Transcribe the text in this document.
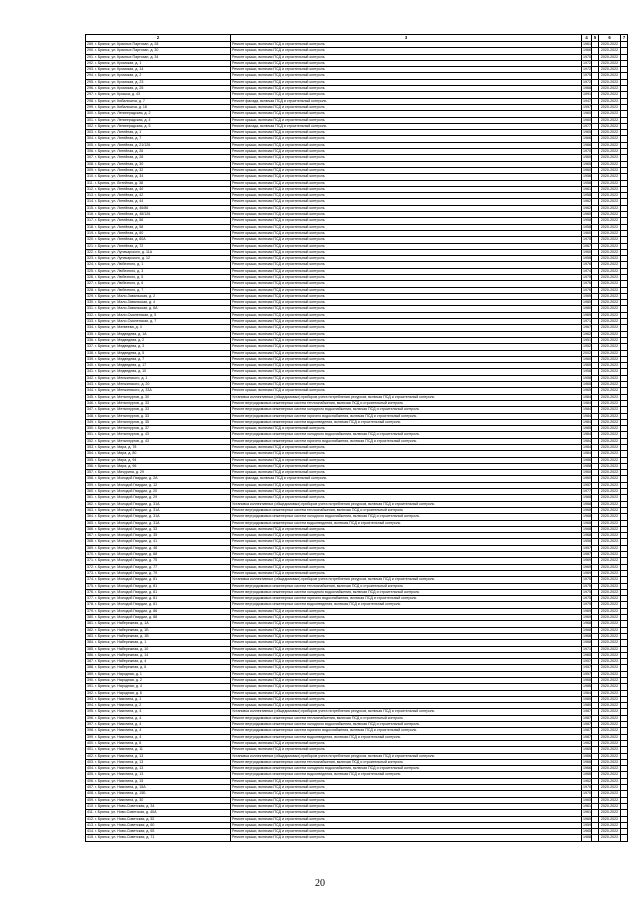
2	3	4	5	6	7
289. г. Брянск, ул. Красных Партизан, д. 28	Ремонт крыши, включая ПСД и строительный контроль	1961		2020-2022	
290. г. Брянск, ул. Красных Партизан, д. 30	Ремонт крыши, включая ПСД и строительный контроль	1966		2020-2022	
291. г. Брянск, ул. Красных Партизан, д. 34	Ремонт крыши, включая ПСД и строительный контроль	1970		2020-2022	
292. г. Брянск, ул. Кромская, д. 1	Ремонт крыши, включая ПСД и строительный контроль	1972		2020-2022	
293. г. Брянск, ул. Кромская, д. 14	Ремонт крыши, включая ПСД и строительный контроль	1972		2020-2022	
294. г. Брянск, ул. Кромская, д. 2	Ремонт крыши, включая ПСД и строительный контроль	1975		2020-2022	
295. г. Брянск, ул. Кромская, д. 23	Ремонт крыши, включая ПСД и строительный контроль	1972		2020-2022	
296. г. Брянск, ул. Кромская, д. 25	Ремонт крыши, включая ПСД и строительный контроль	1968		2020-2022	
297. г. Брянск, ул. Крошка, д. 43	Ремонт крыши, включая ПСД и строительный контроль	1991		2020-2022	
298. г. Брянск, ул. Кибальчича, д. 7	Ремонт фасада, включая ПСД и строительный контроль	1947		2020-2022	
299. г. Брянск, ул. Кибальчича, д. 18	Ремонт крыши, включая ПСД и строительный контроль	1957		2020-2022	
300. г. Брянск, ул. Ленинградская, д. 2	Ремонт крыши, включая ПСД и строительный контроль	1960		2020-2022	
301. г. Брянск, ул. Ленинградская, д. 4	Ремонт крыши, включая ПСД и строительный контроль	1960		2020-2022	
302. г. Брянск, ул. Ленинградская, д. 5	Ремонт фасада, включая ПСД и строительный контроль	1977		2020-2022	
303. г. Брянск, ул. Литейная, д. 1	Ремонт крыши, включая ПСД и строительный контроль	1965		2020-2022	
304. г. Брянск, ул. Литейная, д. 7	Ремонт крыши, включая ПСД и строительный контроль	1966		2020-2022	
305. г. Брянск, ул. Литейная, д. 21/126	Ремонт крыши, включая ПСД и строительный контроль	1966		2020-2022	
306. г. Брянск, ул. Литейная, д. 26	Ремонт крыши, включая ПСД и строительный контроль	1970		2020-2022	
307. г. Брянск, ул. Литейная, д. 28	Ремонт крыши, включая ПСД и строительный контроль	1960		2020-2022	
308. г. Брянск, ул. Литейная, д. 30	Ремонт крыши, включая ПСД и строительный контроль	1965		2020-2022	
309. г. Брянск, ул. Литейная, д. 32	Ремонт крыши, включая ПСД и строительный контроль	1960		2020-2022	
310. г. Брянск, ул. Литейная, д. 34	Ремонт крыши, включая ПСД и строительный контроль	1956		2020-2022	
311. г. Брянск, ул. Литейная, д. 38	Ремонт крыши, включая ПСД и строительный контроль	1958		2020-2022	
312. г. Брянск, ул. Литейная, д. 40	Ремонт крыши, включая ПСД и строительный контроль	1961		2020-2022	
313. г. Брянск, ул. Литейная, д. 42	Ремонт крыши, включая ПСД и строительный контроль	1958		2020-2022	
314. г. Брянск, ул. Литейная, д. 44	Ремонт крыши, включая ПСД и строительный контроль	1962		2020-2022	
315. г. Брянск, ул. Литейная, д. 46/86	Ремонт крыши, включая ПСД и строительный контроль	1962		2020-2022	
316. г. Брянск, ул. Литейная, д. 48/126	Ремонт крыши, включая ПСД и строительный контроль	1960		2020-2022	
317. г. Брянск, ул. Литейная, д. 56	Ремонт крыши, включая ПСД и строительный контроль	1958		2020-2022	
318. г. Брянск, ул. Литейная, д. 58	Ремонт крыши, включая ПСД и строительный контроль	1958		2020-2022	
319. г. Брянск, ул. Литейная, д. 60	Ремонт крыши, включая ПСД и строительный контроль	1960		2020-2022	
320. г. Брянск, ул. Литейная, д. 60А	Ремонт крыши, включая ПСД и строительный контроль	1975		2020-2022	
321. г. Брянск, ул. Литейная, д. 72	Ремонт крыши, включая ПСД и строительный контроль	1967		2020-2022	
322. г. Брянск, ул. Луначарского, д. 11А	Ремонт крыши, включая ПСД и строительный контроль	1960		2020-2022	
323. г. Брянск, ул. Луначарского, д. 12	Ремонт крыши, включая ПСД и строительный контроль	1958		2020-2022	
324. г. Брянск, ул. Любезного, д. 1	Ремонт крыши, включая ПСД и строительный контроль	1976		2020-2022	
325. г. Брянск, ул. Любезного, д. 3	Ремонт крыши, включая ПСД и строительный контроль	1974		2020-2022	
326. г. Брянск, ул. Любезного, д. 5	Ремонт крыши, включая ПСД и строительный контроль	1975		2020-2022	
327. г. Брянск, ул. Любезного, д. 6	Ремонт крыши, включая ПСД и строительный контроль	1976		2020-2022	
328. г. Брянск, ул. Любезного, д. 7	Ремонт крыши, включая ПСД и строительный контроль	1976		2020-2022	
329. г. Брянск, ул. Мало-Завальская, д. 2	Ремонт крыши, включая ПСД и строительный контроль	1969		2020-2022	
330. г. Брянск, ул. Мало-Завальская, д. 4	Ремонт крыши, включая ПСД и строительный контроль	1980		2020-2022	
331. г. Брянск, ул. Мало-Завальская, д. 6А	Ремонт крыши, включая ПСД и строительный контроль	1980		2020-2022	
332. г. Брянск, ул. Мало-Смоленская, д. 5	Ремонт крыши, включая ПСД и строительный контроль	1969		2020-2022	
333. г. Брянск, ул. Мало-Смоленская, д. 7	Ремонт крыши, включая ПСД и строительный контроль	1971		2020-2022	
334. г. Брянск, ул. Матвеева, д. 4	Ремонт крыши, включая ПСД и строительный контроль	1967		2020-2022	
335. г. Брянск, ул. Медведева, д. 1А	Ремонт крыши, включая ПСД и строительный контроль	1962		2020-2022	
336. г. Брянск, ул. Медведева, д. 2	Ремонт крыши, включая ПСД и строительный контроль	1951		2020-2022	
337. г. Брянск, ул. Медведева, д. 3	Ремонт крыши, включая ПСД и строительный контроль	1952		2020-2022	
338. г. Брянск, ул. Медведева, д. 5	Ремонт крыши, включая ПСД и строительный контроль	2002		2020-2022	
339. г. Брянск, ул. Медведева, д. 7	Ремонт крыши, включая ПСД и строительный контроль	1960		2020-2022	
340. г. Брянск, ул. Медведева, д. 17	Ремонт крыши, включая ПСД и строительный контроль	1960		2020-2022	
341. г. Брянск, ул. Медведева, д. 10	Ремонт крыши, включая ПСД и строительный контроль	1958		2020-2022	
342. г. Брянск, ул. Менжинского, д. 1	Ремонт крыши, включая ПСД и строительный контроль	1958		2020-2022	
343. г. Брянск, ул. Менжинского, д. 20	Ремонт крыши, включая ПСД и строительный контроль	1965		2020-2022	
344. г. Брянск, ул. Менжинского, д. 33А	Ремонт крыши, включая ПСД и строительный контроль	1965		2020-2022	
345. г. Брянск, ул. Металлургов, д. 30	Установка коллективных (общедомовых) приборов учета потребления ресурсов, включая ПСД и строительный контроль	1984		2020-2022	
346. г. Брянск, ул. Металлургов, д. 33	Ремонт внутридомовых инженерных систем теплоснабжения, включая ПСД и строительный контроль	1984		2020-2022	
347. г. Брянск, ул. Металлургов, д. 33	Ремонт внутридомовых инженерных систем холодного водоснабжения, включая ПСД и строительный контроль	1984		2020-2022	
348. г. Брянск, ул. Металлургов, д. 33	Ремонт внутридомовых инженерных систем горячего водоснабжения, включая ПСД и строительный контроль	1984		2020-2022	
349. г. Брянск, ул. Металлургов, д. 35	Ремонт внутридомовых инженерных систем водоотведения, включая ПСД и строительный контроль	1984		2020-2022	
350. г. Брянск, ул. Металлургов, д. 37	Ремонт крыши, включая ПСД и строительный контроль	1985		2020-2022	
351. г. Брянск, ул. Металлургов, д. 43	Ремонт внутридомовых инженерных систем холодного водоснабжения, включая ПСД и строительный контроль	1984		2020-2022	
352. г. Брянск, ул. Металлургов, д. 43	Ремонт внутридомовых инженерных систем горячего водоснабжения, включая ПСД и строительный контроль	1984		2020-2022	
353. г. Брянск, ул. Мира, д. 78	Ремонт крыши, включая ПСД и строительный контроль	1984		2020-2022	
354. г. Брянск, ул. Мира, д. 80	Ремонт крыши, включая ПСД и строительный контроль	1984		2020-2022	
355. г. Брянск, ул. Мира, д. 94	Ремонт крыши, включая ПСД и строительный контроль	1988		2020-2022	
356. г. Брянск, ул. Мира, д. 96	Ремонт крыши, включая ПСД и строительный контроль	1988		2020-2022	
357. г. Брянск, ул. Мичурина, д. 29	Ремонт крыши, включая ПСД и строительный контроль	1960		2020-2022	
358. г. Брянск, ул. Молодой Гвардии, д. 2А	Ремонт фасада, включая ПСД и строительный контроль	1960		2020-2022	
359. г. Брянск, ул. Молодой Гвардии, д. 12	Ремонт крыши, включая ПСД и строительный контроль	1957		2020-2022	
360. г. Брянск, ул. Молодой Гвардии, д. 20	Ремонт крыши, включая ПСД и строительный контроль	1977		2020-2022	
361. г. Брянск, ул. Молодой Гвардии, д. 29	Ремонт крыши, включая ПСД и строительный контроль	1968		2020-2022	
362. г. Брянск, ул. Молодой Гвардии, д. 31А	Установка коллективных (общедомовых) приборов учета потребления ресурсов, включая ПСД и строительный контроль	1968		2020-2022	
363. г. Брянск, ул. Молодой Гвардии, д. 31А	Ремонт внутридомовых инженерных систем теплоснабжения, включая ПСД и строительный контроль	1968		2020-2022	
364. г. Брянск, ул. Молодой Гвардии, д. 31А	Ремонт внутридомовых инженерных систем холодного водоснабжения, включая ПСД и строительный контроль	1968		2020-2022	
365. г. Брянск, ул. Молодой Гвардии, д. 31А	Ремонт внутридомовых инженерных систем водоотведения, включая ПСД и строительный контроль	1968		2020-2022	
366. г. Брянск, ул. Молодой Гвардии, д. 33	Ремонт крыши, включая ПСД и строительный контроль	1968		2020-2022	
367. г. Брянск, ул. Молодой Гвардии, д. 35	Ремонт крыши, включая ПСД и строительный контроль	1968		2020-2022	
368. г. Брянск, ул. Молодой Гвардии, д. 41	Ремонт крыши, включая ПСД и строительный контроль	1956		2020-2022	
369. г. Брянск, ул. Молодой Гвардии, д. 48	Ремонт крыши, включая ПСД и строительный контроль	1957		2020-2022	
370. г. Брянск, ул. Молодой Гвардии, д. 68	Ремонт крыши, включая ПСД и строительный контроль	1987		2020-2022	
371. г. Брянск, ул. Молодой Гвардии, д. 75	Ремонт крыши, включая ПСД и строительный контроль	1969		2020-2022	
372. г. Брянск, ул. Молодой Гвардии, д. 77	Ремонт крыши, включая ПСД и строительный контроль	1969		2020-2022	
373. г. Брянск, ул. Молодой Гвардии, д. 79	Ремонт крыши, включая ПСД и строительный контроль	1969		2020-2022	
374. г. Брянск, ул. Молодой Гвардии, д. 81	Установка коллективных (общедомовых) приборов учета потребления ресурсов, включая ПСД и строительный контроль	1975		2020-2022	
375. г. Брянск, ул. Молодой Гвардии, д. 81	Ремонт внутридомовых инженерных систем теплоснабжения, включая ПСД и строительный контроль	1975		2020-2022	
376. г. Брянск, ул. Молодой Гвардии, д. 81	Ремонт внутридомовых инженерных систем холодного водоснабжения, включая ПСД и строительный контроль	1975		2020-2022	
377. г. Брянск, ул. Молодой Гвардии, д. 81	Ремонт внутридомовых инженерных систем горячего водоснабжения, включая ПСД и строительный контроль	1975		2020-2022	
378. г. Брянск, ул. Молодой Гвардии, д. 81	Ремонт внутридомовых инженерных систем водоотведения, включая ПСД и строительный контроль	1975		2020-2022	
379. г. Брянск, ул. Молодой Гвардии, д. 86	Ремонт крыши, включая ПСД и строительный контроль	1969		2020-2022	
380. г. Брянск, ул. Молодой Гвардии, д. 88	Ремонт крыши, включая ПСД и строительный контроль	1969		2020-2022	
381. г. Брянск, ул. Набережная, д. 1А	Ремонт крыши, включая ПСД и строительный контроль	1968		2020-2022	
382. г. Брянск, ул. Набережная, д. 1Б	Ремонт крыши, включая ПСД и строительный контроль	1968		2020-2022	
383. г. Брянск, ул. Набережная, д. 1В	Ремонт крыши, включая ПСД и строительный контроль	1968		2020-2022	
384. г. Брянск, ул. Набережная, д. 1	Ремонт крыши, включая ПСД и строительный контроль	1968		2020-2022	
385. г. Брянск, ул. Набережная, д. 10	Ремонт крыши, включая ПСД и строительный контроль	1971		2020-2022	
386. г. Брянск, ул. Набережная, д. 14	Ремонт крыши, включая ПСД и строительный контроль	1960		2020-2022	
387. г. Брянск, ул. Набережная, д. 4	Ремонт крыши, включая ПСД и строительный контроль	1957		2020-2022	
388. г. Брянск, ул. Набережная, д. 6	Ремонт крыши, включая ПСД и строительный контроль	1957		2020-2022	
389. г. Брянск, ул. Народная, д. 1	Ремонт крыши, включая ПСД и строительный контроль	1957		2020-2022	
390. г. Брянск, ул. Народная, д. 2	Ремонт крыши, включая ПСД и строительный контроль	1966		2020-2022	
391. г. Брянск, ул. Народная, д. 4	Ремонт крыши, включая ПСД и строительный контроль	1986		2020-2022	
392. г. Брянск, ул. Народная, д. 6	Ремонт крыши, включая ПСД и строительный контроль	1964		2020-2022	
393. г. Брянск, ул. Никитина, д. 1	Ремонт крыши, включая ПСД и строительный контроль	1980		2020-2022	
394. г. Брянск, ул. Никитина, д. 2	Ремонт крыши, включая ПСД и строительный контроль	1980		2020-2022	
395. г. Брянск, ул. Никитина, д. 4	Установка коллективных (общедомовых) приборов учета потребления ресурсов, включая ПСД и строительный контроль	1987		2020-2022	
396. г. Брянск, ул. Никитина, д. 4	Ремонт внутридомовых инженерных систем теплоснабжения, включая ПСД и строительный контроль	1987		2020-2022	
397. г. Брянск, ул. Никитина, д. 4	Ремонт внутридомовых инженерных систем холодного водоснабжения, включая ПСД и строительный контроль	1987		2020-2022	
398. г. Брянск, ул. Никитина, д. 4	Ремонт внутридомовых инженерных систем горячего водоснабжения, включая ПСД и строительный контроль	1987		2020-2022	
399. г. Брянск, ул. Никитина, д. 4	Ремонт внутридомовых инженерных систем водоотведения, включая ПСД и строительный контроль	1987		2020-2022	
400. г. Брянск, ул. Никитина, д. 6	Ремонт крыши, включая ПСД и строительный контроль	1962		2020-2022	
401. г. Брянск, ул. Никитина, д. 11	Ремонт крыши, включая ПСД и строительный контроль	1965		2020-2022	
402. г. Брянск, ул. Никитина, д. 13	Установка коллективных (общедомовых) приборов учета потребления ресурсов, включая ПСД и строительный контроль	1966		2020-2022	
403. г. Брянск, ул. Никитина, д. 13	Ремонт внутридомовых инженерных систем теплоснабжения, включая ПСД и строительный контроль	1966		2020-2022	
404. г. Брянск, ул. Никитина, д. 13	Ремонт внутридомовых инженерных систем холодного водоснабжения, включая ПСД и строительный контроль	1966		2020-2022	
405. г. Брянск, ул. Никитина, д. 13	Ремонт внутридомовых инженерных систем водоотведения, включая ПСД и строительный контроль	1966		2020-2022	
406. г. Брянск, ул. Никитина, д. 15	Ремонт крыши, включая ПСД и строительный контроль	1962		2020-2022	
407. г. Брянск, ул. Никитина, д. 15А	Ремонт крыши, включая ПСД и строительный контроль	1970		2020-2022	
408. г. Брянск, ул. Никитина, д. 15Б	Ремонт крыши, включая ПСД и строительный контроль	1970		2020-2022	
409. г. Брянск, ул. Никитина, д. 30	Ремонт крыши, включая ПСД и строительный контроль	1965		2020-2022	
410. г. Брянск, ул. Ново-Советская, д. 34	Ремонт крыши, включая ПСД и строительный контроль	1961		2020-2022	
411. г. Брянск, ул. Ново-Советская, д. 40А	Ремонт крыши, включая ПСД и строительный контроль	1961		2020-2022	
412. г. Брянск, ул. Ново-Советская, д. 52	Ремонт крыши, включая ПСД и строительный контроль	1960		2020-2022	
413. г. Брянск, ул. Ново-Советская, д. 60	Ремонт крыши, включая ПСД и строительный контроль	1959		2020-2022	
414. г. Брянск, ул. Ново-Советская, д. 65	Ремонт крыши, включая ПСД и строительный контроль	1965		2020-2022	
415. г. Брянск, ул. Ново-Советская, д. 71	Ремонт крыши, включая ПСД и строительный контроль	1968		2020-2022	
20
